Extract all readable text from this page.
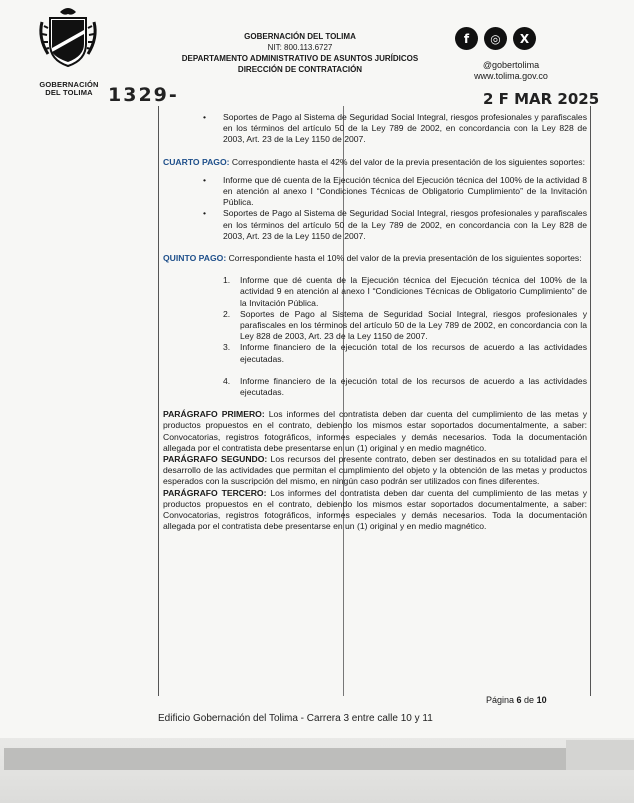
GOBERNACIÓN
DEL TOLIMA 1329-
GOBERNACIÓN DEL TOLIMA
NIT: 800.113.6727
DEPARTAMENTO ADMINISTRATIVO DE ASUNTOS JURÍDICOS
DIRECCIÓN DE CONTRATACIÓN
f	◎	X
@gobertolima
www.tolima.gov.co
2 F MAR 2025

• Soportes de Pago al Sistema de Seguridad Social Integral, riesgos profesionales y parafiscales en los términos del artículo 50 de la Ley 789 de 2002, en concordancia con la Ley 828 de 2003, Art. 23 de la Ley 1150 de 2007.

CUARTO PAGO: Correspondiente hasta el 42% del valor de la previa presentación de los siguientes soportes:

• Informe que dé cuenta de la Ejecución técnica del Ejecución técnica del 100% de la actividad 8 en atención al anexo I “Condiciones Técnicas de Obligatorio Cumplimiento” de la Invitación Pública.

• Soportes de Pago al Sistema de Seguridad Social Integral, riesgos profesionales y parafiscales en los términos del artículo 50 de la Ley 789 de 2002, en concordancia con la Ley 828 de 2003, Art. 23 de la Ley 1150 de 2007.

QUINTO PAGO: Correspondiente hasta el 10% del valor de la previa presentación de los siguientes soportes:

1. Informe que dé cuenta de la Ejecución técnica del Ejecución técnica del 100% de la actividad 9 en atención al anexo I “Condiciones Técnicas de Obligatorio Cumplimiento” de la Invitación Pública.

2. Soportes de Pago al Sistema de Seguridad Social Integral, riesgos profesionales y parafiscales en los términos del artículo 50 de la Ley 789 de 2002, en concordancia con la Ley 828 de 2003, Art. 23 de la Ley 1150 de 2007.

3. Informe financiero de la ejecución total de los recursos de acuerdo a las actividades ejecutadas.

4. Informe financiero de la ejecución total de los recursos de acuerdo a las actividades ejecutadas.

PARÁGRAFO PRIMERO: Los informes del contratista deben dar cuenta del cumplimiento de las metas y productos propuestos en el contrato, debiendo los mismos estar soportados documentalmente, a saber: Convocatorias, registros fotográficos, informes especiales y demás necesarios. Toda la documentación allegada por el contratista debe presentarse en un (1) original y en medio magnético.

PARÁGRAFO SEGUNDO: Los recursos del presente contrato, deben ser destinados en su totalidad para el desarrollo de las actividades que permitan el cumplimiento del objeto y la obtención de las metas y productos esperados con la suscripción del mismo, en ningún caso podrán ser utilizados con fines diferentes.

PARÁGRAFO TERCERO: Los informes del contratista deben dar cuenta del cumplimiento de las metas y productos propuestos en el contrato, debiendo los mismos estar soportados documentalmente, a saber: Convocatorias, registros fotográficos, informes especiales y demás necesarios. Toda la documentación allegada por el contratista debe presentarse en un (1) original y en medio magnético.

Página 6 de 10
Edificio Gobernación del Tolima - Carrera 3 entre calle 10 y 11
